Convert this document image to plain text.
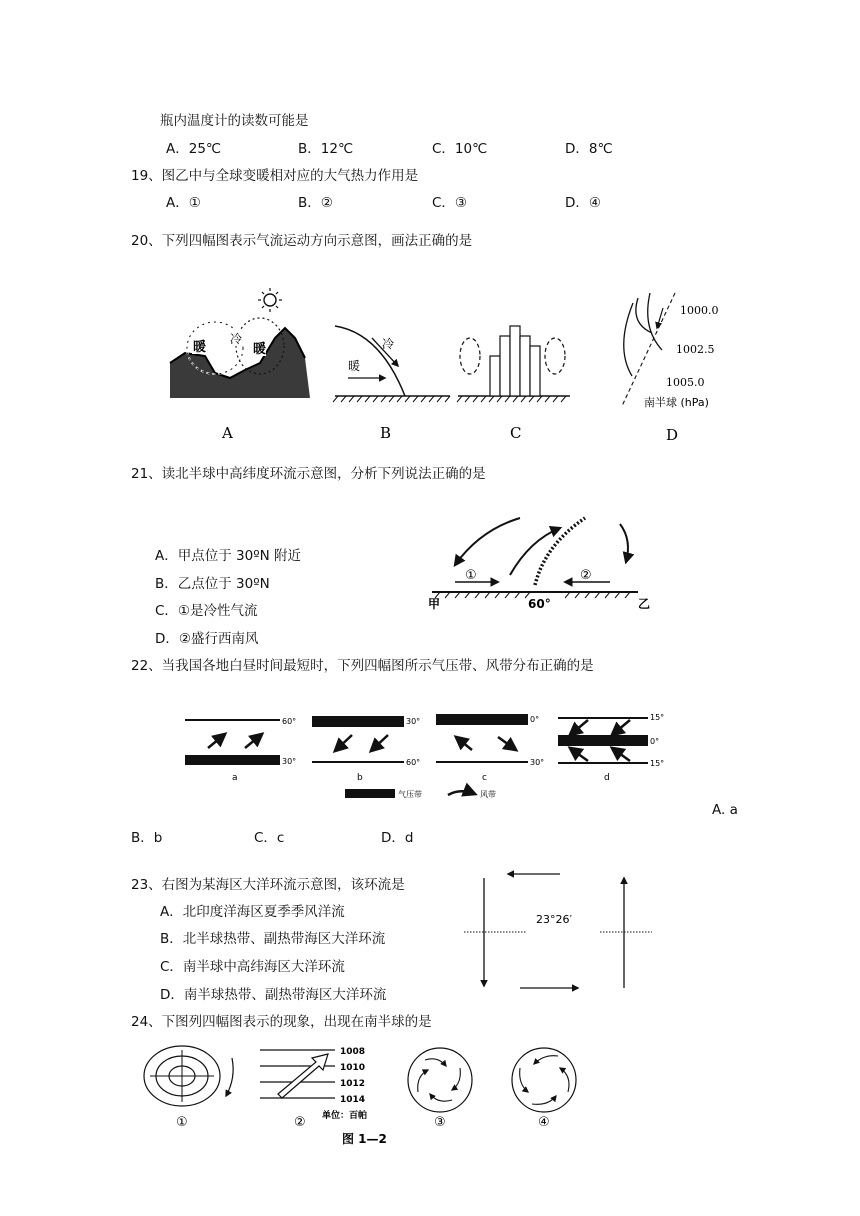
瓶内温度计的读数可能是
A．25℃	B．12℃	C．10℃	D．8℃
19、图乙中与全球变暖相对应的大气热力作用是
A．①	B．②	C．③	D．④
20、下列四幅图表示气流运动方向示意图，画法正确的是
暖
冷
暖
A
冷
暖
B	C
1000.0
1002.5
1005.0
南半球 (hPa)
D
21、读北半球中高纬度环流示意图，分析下列说法正确的是
A．甲点位于 30ºN 附近
B．乙点位于 30ºN
C．①是冷性气流
D．②盛行西南风
①	②
甲	60°	乙
22、当我国各地白昼时间最短时，下列四幅图所示气压带、风带分布正确的是
60°
30°
a
30°
60°
b
0°
30°
c
15°
0°
15°
d
气压带	风带
A. a
B．b	C．c	D．d
23、右图为某海区大洋环流示意图，该环流是
A．北印度洋海区夏季季风洋流
B．北半球热带、副热带海区大洋环流
C．南半球中高纬海区大洋环流
D．南半球热带、副热带海区大洋环流
23°26′
24、下图列四幅图表示的现象，出现在南半球的是
①
1008
1010
1012
1014
单位：百帕
②	③	④
图 1—2
